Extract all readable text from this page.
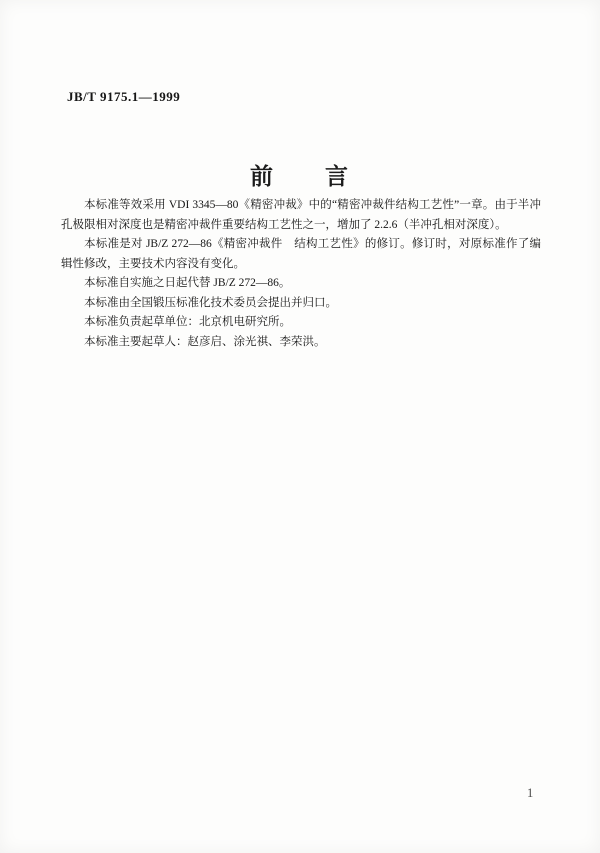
JB/T 9175.1—1999
前　　言

本标准等效采用 VDI 3345—80《精密冲裁》中的“精密冲裁件结构工艺性”一章。由于半冲孔极限相对深度也是精密冲裁件重要结构工艺性之一，增加了 2.2.6（半冲孔相对深度）。

本标准是对 JB/Z 272—86《精密冲裁件　结构工艺性》的修订。修订时，对原标准作了编辑性修改，主要技术内容没有变化。

本标准自实施之日起代替 JB/Z 272—86。

本标准由全国锻压标准化技术委员会提出并归口。

本标准负责起草单位：北京机电研究所。

本标准主要起草人：赵彦启、涂光祺、李荣洪。

1
